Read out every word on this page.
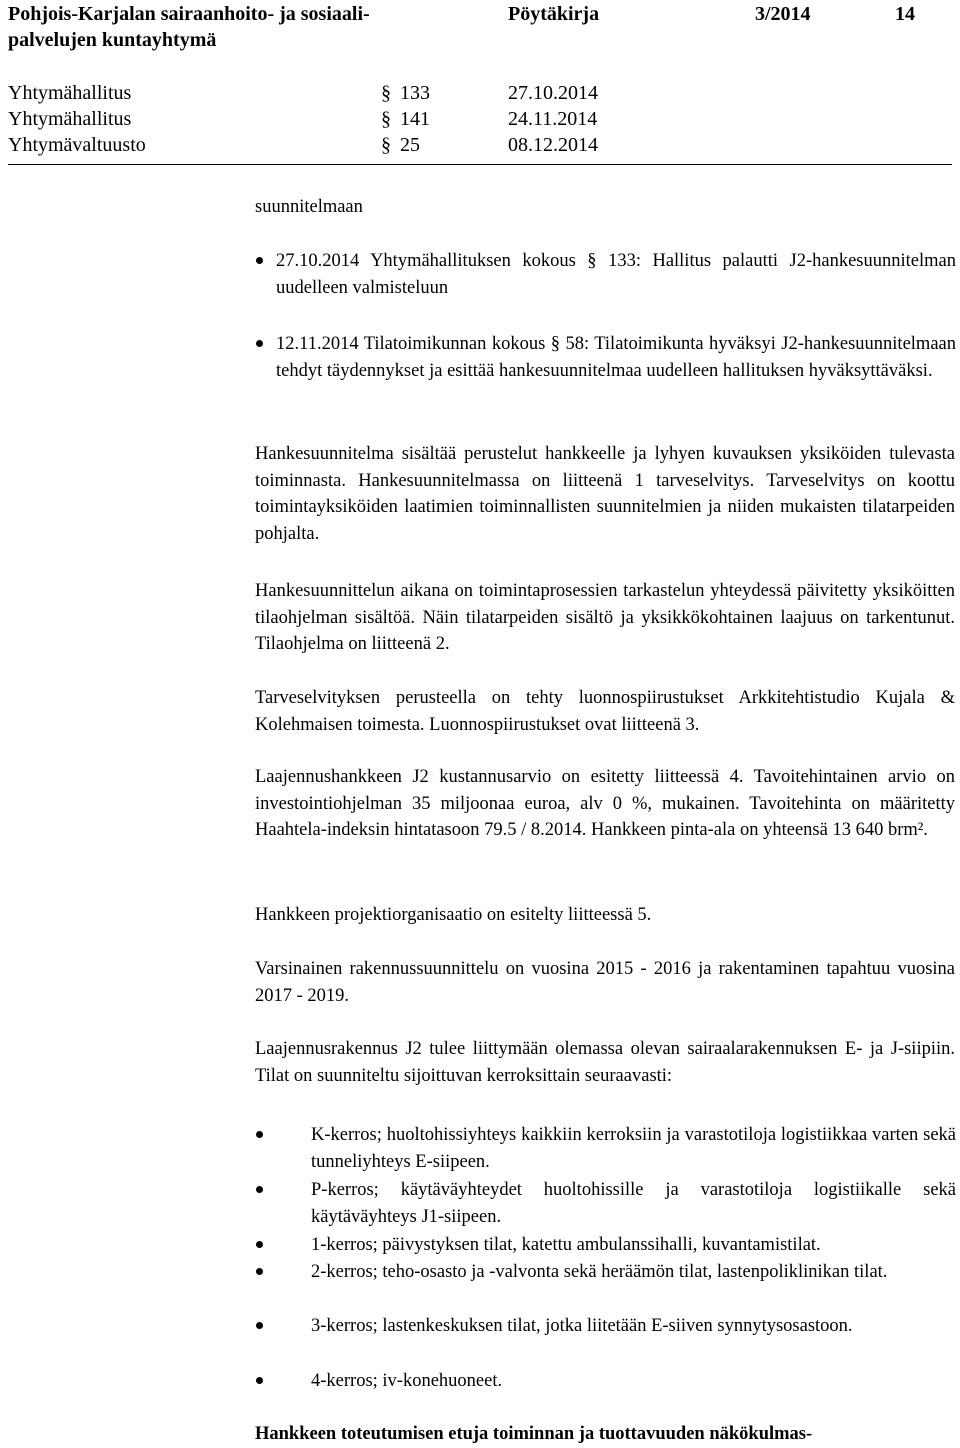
Pohjois-Karjalan sairaanhoito- ja sosiaali-
palvelujen kuntayhtymä
Pöytäkirja	3/2014	14
Yhtymähallitus	§ 133	27.10.2014
Yhtymähallitus	§ 141	24.11.2014
Yhtymävaltuusto	§ 25	08.12.2014

suunnitelmaan

27.10.2014 Yhtymähallituksen kokous § 133: Hallitus palautti J2-hankesuunnitelman uudelleen valmisteluun

12.11.2014 Tilatoimikunnan kokous § 58: Tilatoimikunta hyväksyi J2-hankesuunnitelmaan tehdyt täydennykset ja esittää hankesuunnitelmaa uudelleen hallituksen hyväksyttäväksi.

Hankesuunnitelma sisältää perustelut hankkeelle ja lyhyen kuvauksen yksiköiden tulevasta toiminnasta. Hankesuunnitelmassa on liitteenä 1 tarveselvitys. Tarveselvitys on koottu toimintayksiköiden laatimien toiminnallisten suunnitelmien ja niiden mukaisten tilatarpeiden pohjalta.

Hankesuunnittelun aikana on toimintaprosessien tarkastelun yhteydessä päivitetty yksiköitten tilaohjelman sisältöä. Näin tilatarpeiden sisältö ja yksikkökohtainen laajuus on tarkentunut. Tilaohjelma on liitteenä 2.

Tarveselvityksen perusteella on tehty luonnospiirustukset Arkkitehtistudio Kujala & Kolehmaisen toimesta. Luonnospiirustukset ovat liitteenä 3.

Laajennushankkeen J2 kustannusarvio on esitetty liitteessä 4. Tavoitehintainen arvio on investointiohjelman 35 miljoonaa euroa, alv 0 %, mukainen. Tavoitehinta on määritetty Haahtela-indeksin hintatasoon 79.5 / 8.2014. Hankkeen pinta-ala on yhteensä 13 640 brm².

Hankkeen projektiorganisaatio on esitelty liitteessä 5.

Varsinainen rakennussuunnittelu on vuosina 2015 - 2016 ja rakentaminen tapahtuu vuosina 2017 - 2019.

Laajennusrakennus J2 tulee liittymään olemassa olevan sairaalarakennuksen E- ja J-siipiin. Tilat on suunniteltu sijoittuvan kerroksittain seuraavasti:

K-kerros; huoltohissiyhteys kaikkiin kerroksiin ja varastotiloja logistiikkaa varten sekä tunneliyhteys E-siipeen.

P-kerros; käytäväyhteydet huoltohissille ja varastotiloja logistiikalle sekä käytäväyhteys J1-siipeen.

1-kerros; päivystyksen tilat, katettu ambulanssihalli, kuvantamistilat.

2-kerros; teho-osasto ja -valvonta sekä heräämön tilat, lastenpoliklinikan tilat.

3-kerros; lastenkeskuksen tilat, jotka liitetään E-siiven synnytysosastoon.

4-kerros; iv-konehuoneet.

Hankkeen toteutumisen etuja toiminnan ja tuottavuuden näkökulmas-
